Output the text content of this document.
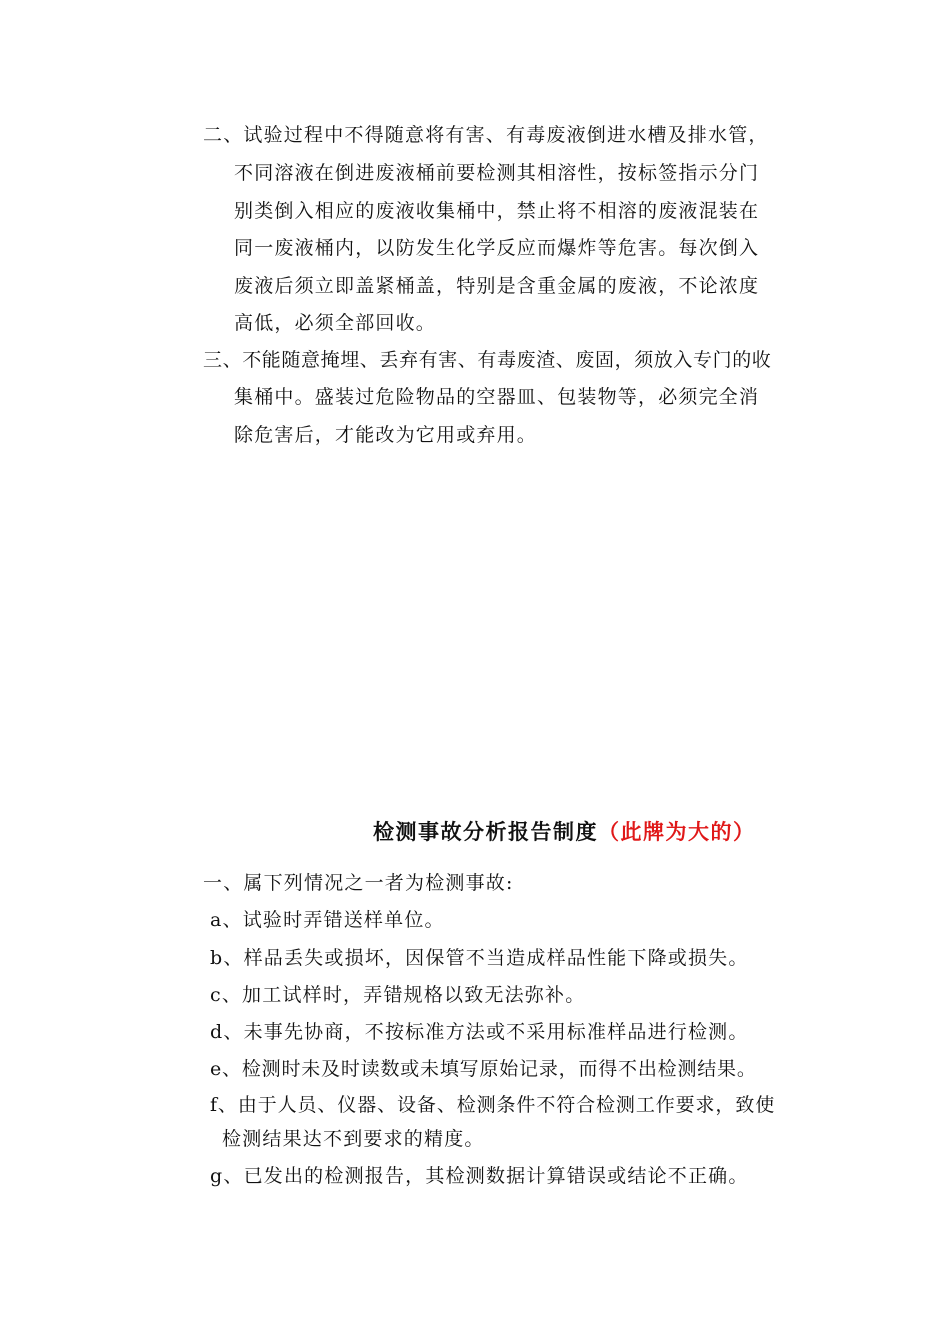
二、试验过程中不得随意将有害、有毒废液倒进水槽及排水管，
不同溶液在倒进废液桶前要检测其相溶性，按标签指示分门
别类倒入相应的废液收集桶中，禁止将不相溶的废液混装在
同一废液桶内，以防发生化学反应而爆炸等危害。每次倒入
废液后须立即盖紧桶盖，特别是含重金属的废液，不论浓度
高低，必须全部回收。
三、不能随意掩埋、丢弃有害、有毒废渣、废固，须放入专门的收
集桶中。盛装过危险物品的空器皿、包装物等，必须完全消
除危害后，才能改为它用或弃用。
检测事故分析报告制度（此牌为大的）
一、属下列情况之一者为检测事故:
a、试验时弄错送样单位。
b、样品丢失或损坏，因保管不当造成样品性能下降或损失。
c、加工试样时，弄错规格以致无法弥补。
d、未事先协商，不按标准方法或不采用标准样品进行检测。
e、检测时未及时读数或未填写原始记录，而得不出检测结果。
f、由于人员、仪器、设备、检测条件不符合检测工作要求，致使
检测结果达不到要求的精度。
g、已发出的检测报告，其检测数据计算错误或结论不正确。
